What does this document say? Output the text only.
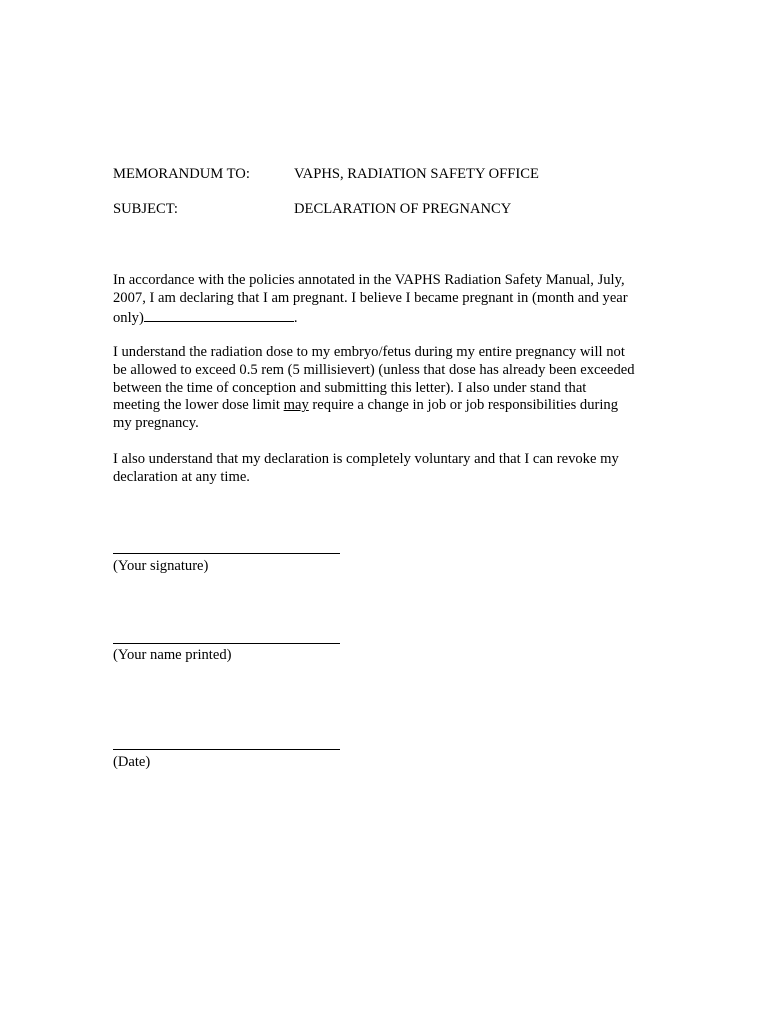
MEMORANDUM TO:	VAPHS, RADIATION SAFETY OFFICE
SUBJECT:	DECLARATION OF PREGNANCY
In accordance with the policies annotated in the VAPHS Radiation Safety Manual, July,
2007, I am declaring that I am pregnant. I believe I became pregnant in (month and year
only)	.
I understand the radiation dose to my embryo/fetus during my entire pregnancy will not
be allowed to exceed 0.5 rem (5 millisievert) (unless that dose has already been exceeded
between the time of conception and submitting this letter). I also under stand that
meeting the lower dose limit may require a change in job or job responsibilities during
my pregnancy.
I also understand that my declaration is completely voluntary and that I can revoke my
declaration at any time.
(Your signature)
(Your name printed)
(Date)
